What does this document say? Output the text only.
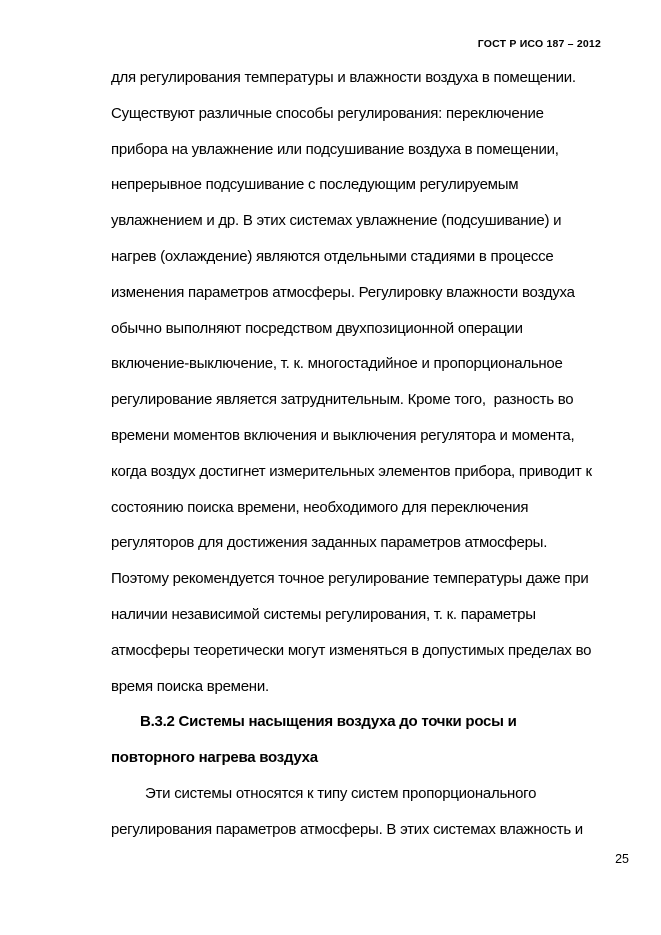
ГОСТ Р ИСО 187 – 2012
для регулирования температуры и влажности воздуха в помещении.
Существуют различные способы регулирования: переключение
прибора на увлажнение или подсушивание воздуха в помещении,
непрерывное подсушивание с последующим регулируемым
увлажнением и др. В этих системах увлажнение (подсушивание) и
нагрев (охлаждение) являются отдельными стадиями в процессе
изменения параметров атмосферы. Регулировку влажности воздуха
обычно выполняют посредством двухпозиционной операции
включение-выключение, т. к. многостадийное и пропорциональное
регулирование является затруднительным. Кроме того,  разность во
времени моментов включения и выключения регулятора и момента,
когда воздух достигнет измерительных элементов прибора, приводит к
состоянию поиска времени, необходимого для переключения
регуляторов для достижения заданных параметров атмосферы.
Поэтому рекомендуется точное регулирование температуры даже при
наличии независимой системы регулирования, т. к. параметры
атмосферы теоретически могут изменяться в допустимых пределах во
время поиска времени.
В.3.2 Системы насыщения воздуха до точки росы и
повторного нагрева воздуха
Эти системы относятся к типу систем пропорционального
регулирования параметров атмосферы. В этих системах влажность и
25
